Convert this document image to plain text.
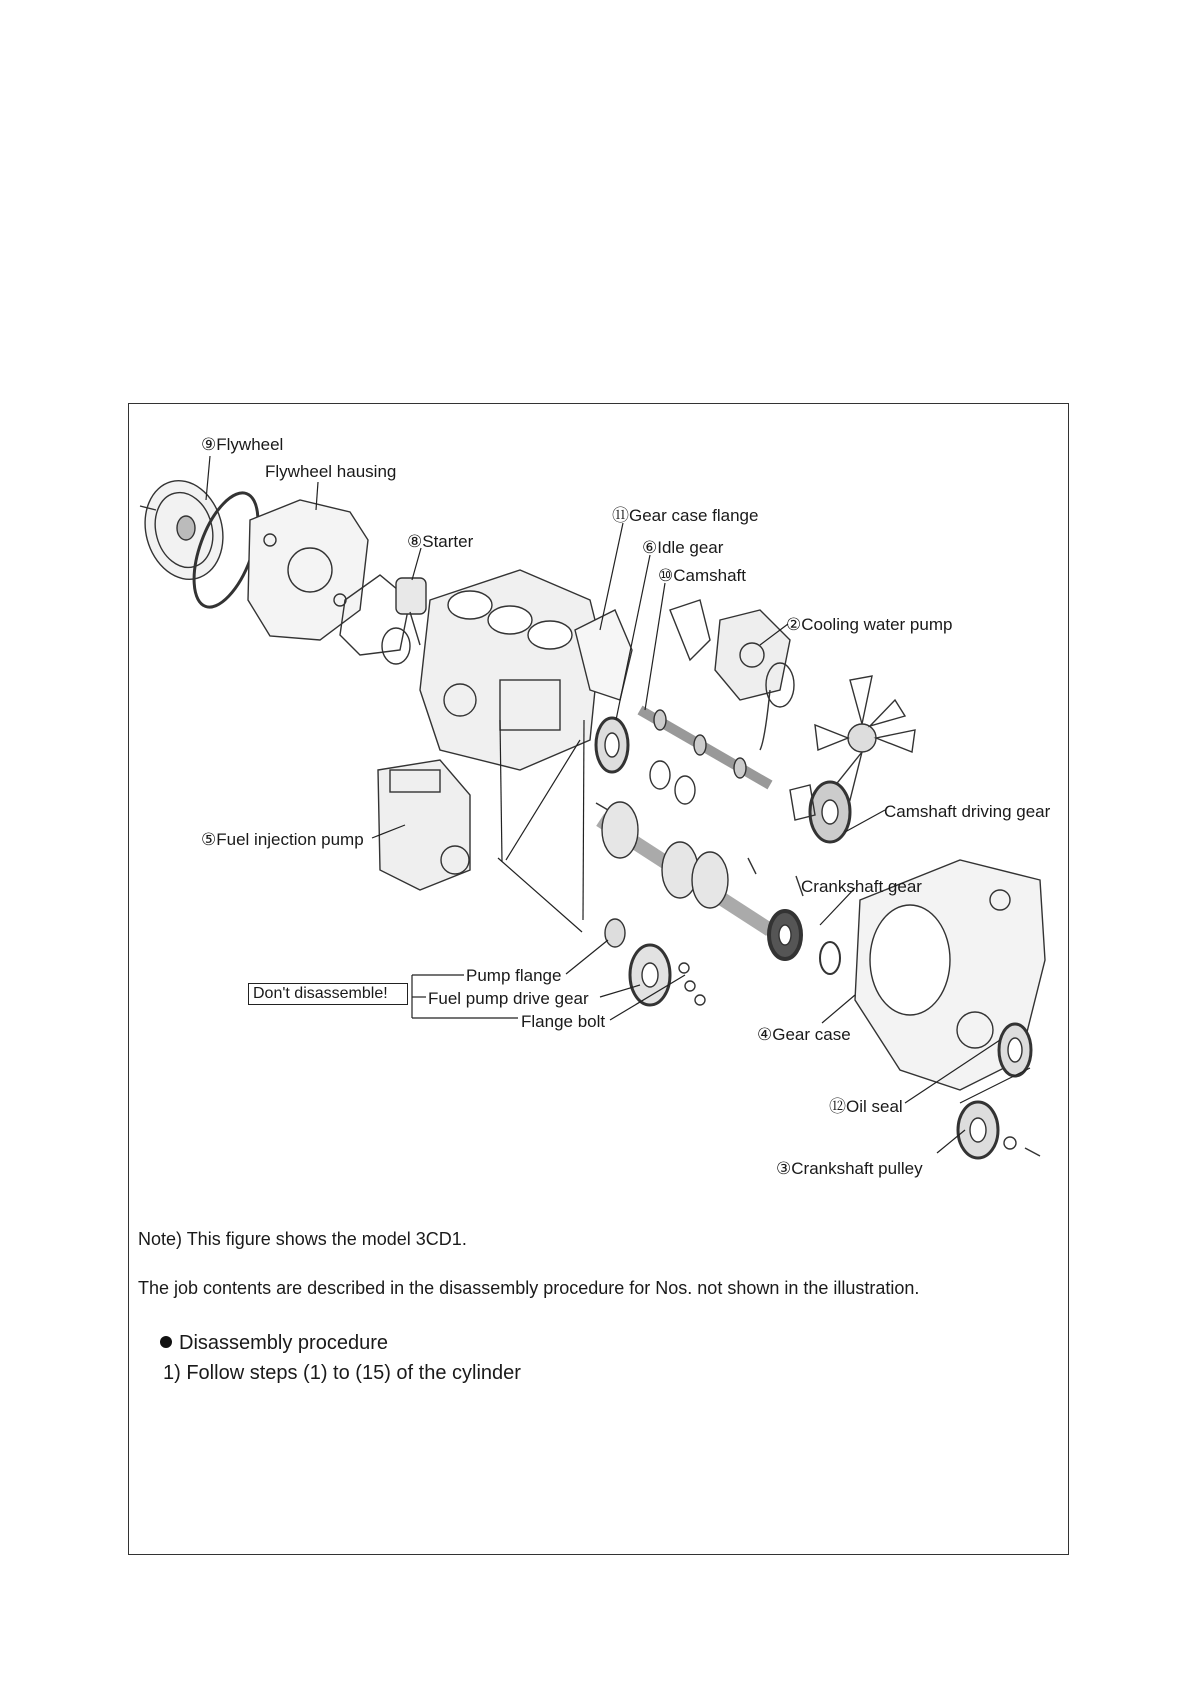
⑨Flywheel
Flywheel hausing
⑧Starter
⑪Gear case flange
⑥Idle gear
⑩Camshaft
②Cooling water pump
Camshaft driving gear
⑤Fuel injection pump
Crankshaft gear
Pump flange
Don't disassemble!	Fuel pump drive gear
Flange bolt
④Gear case
⑫Oil seal
③Crankshaft pulley
Note) This figure shows the model 3CD1.
The job contents are described in the disassembly procedure for Nos. not shown in the illustration.
Disassembly procedure
1) Follow steps (1) to (15) of the cylinder
